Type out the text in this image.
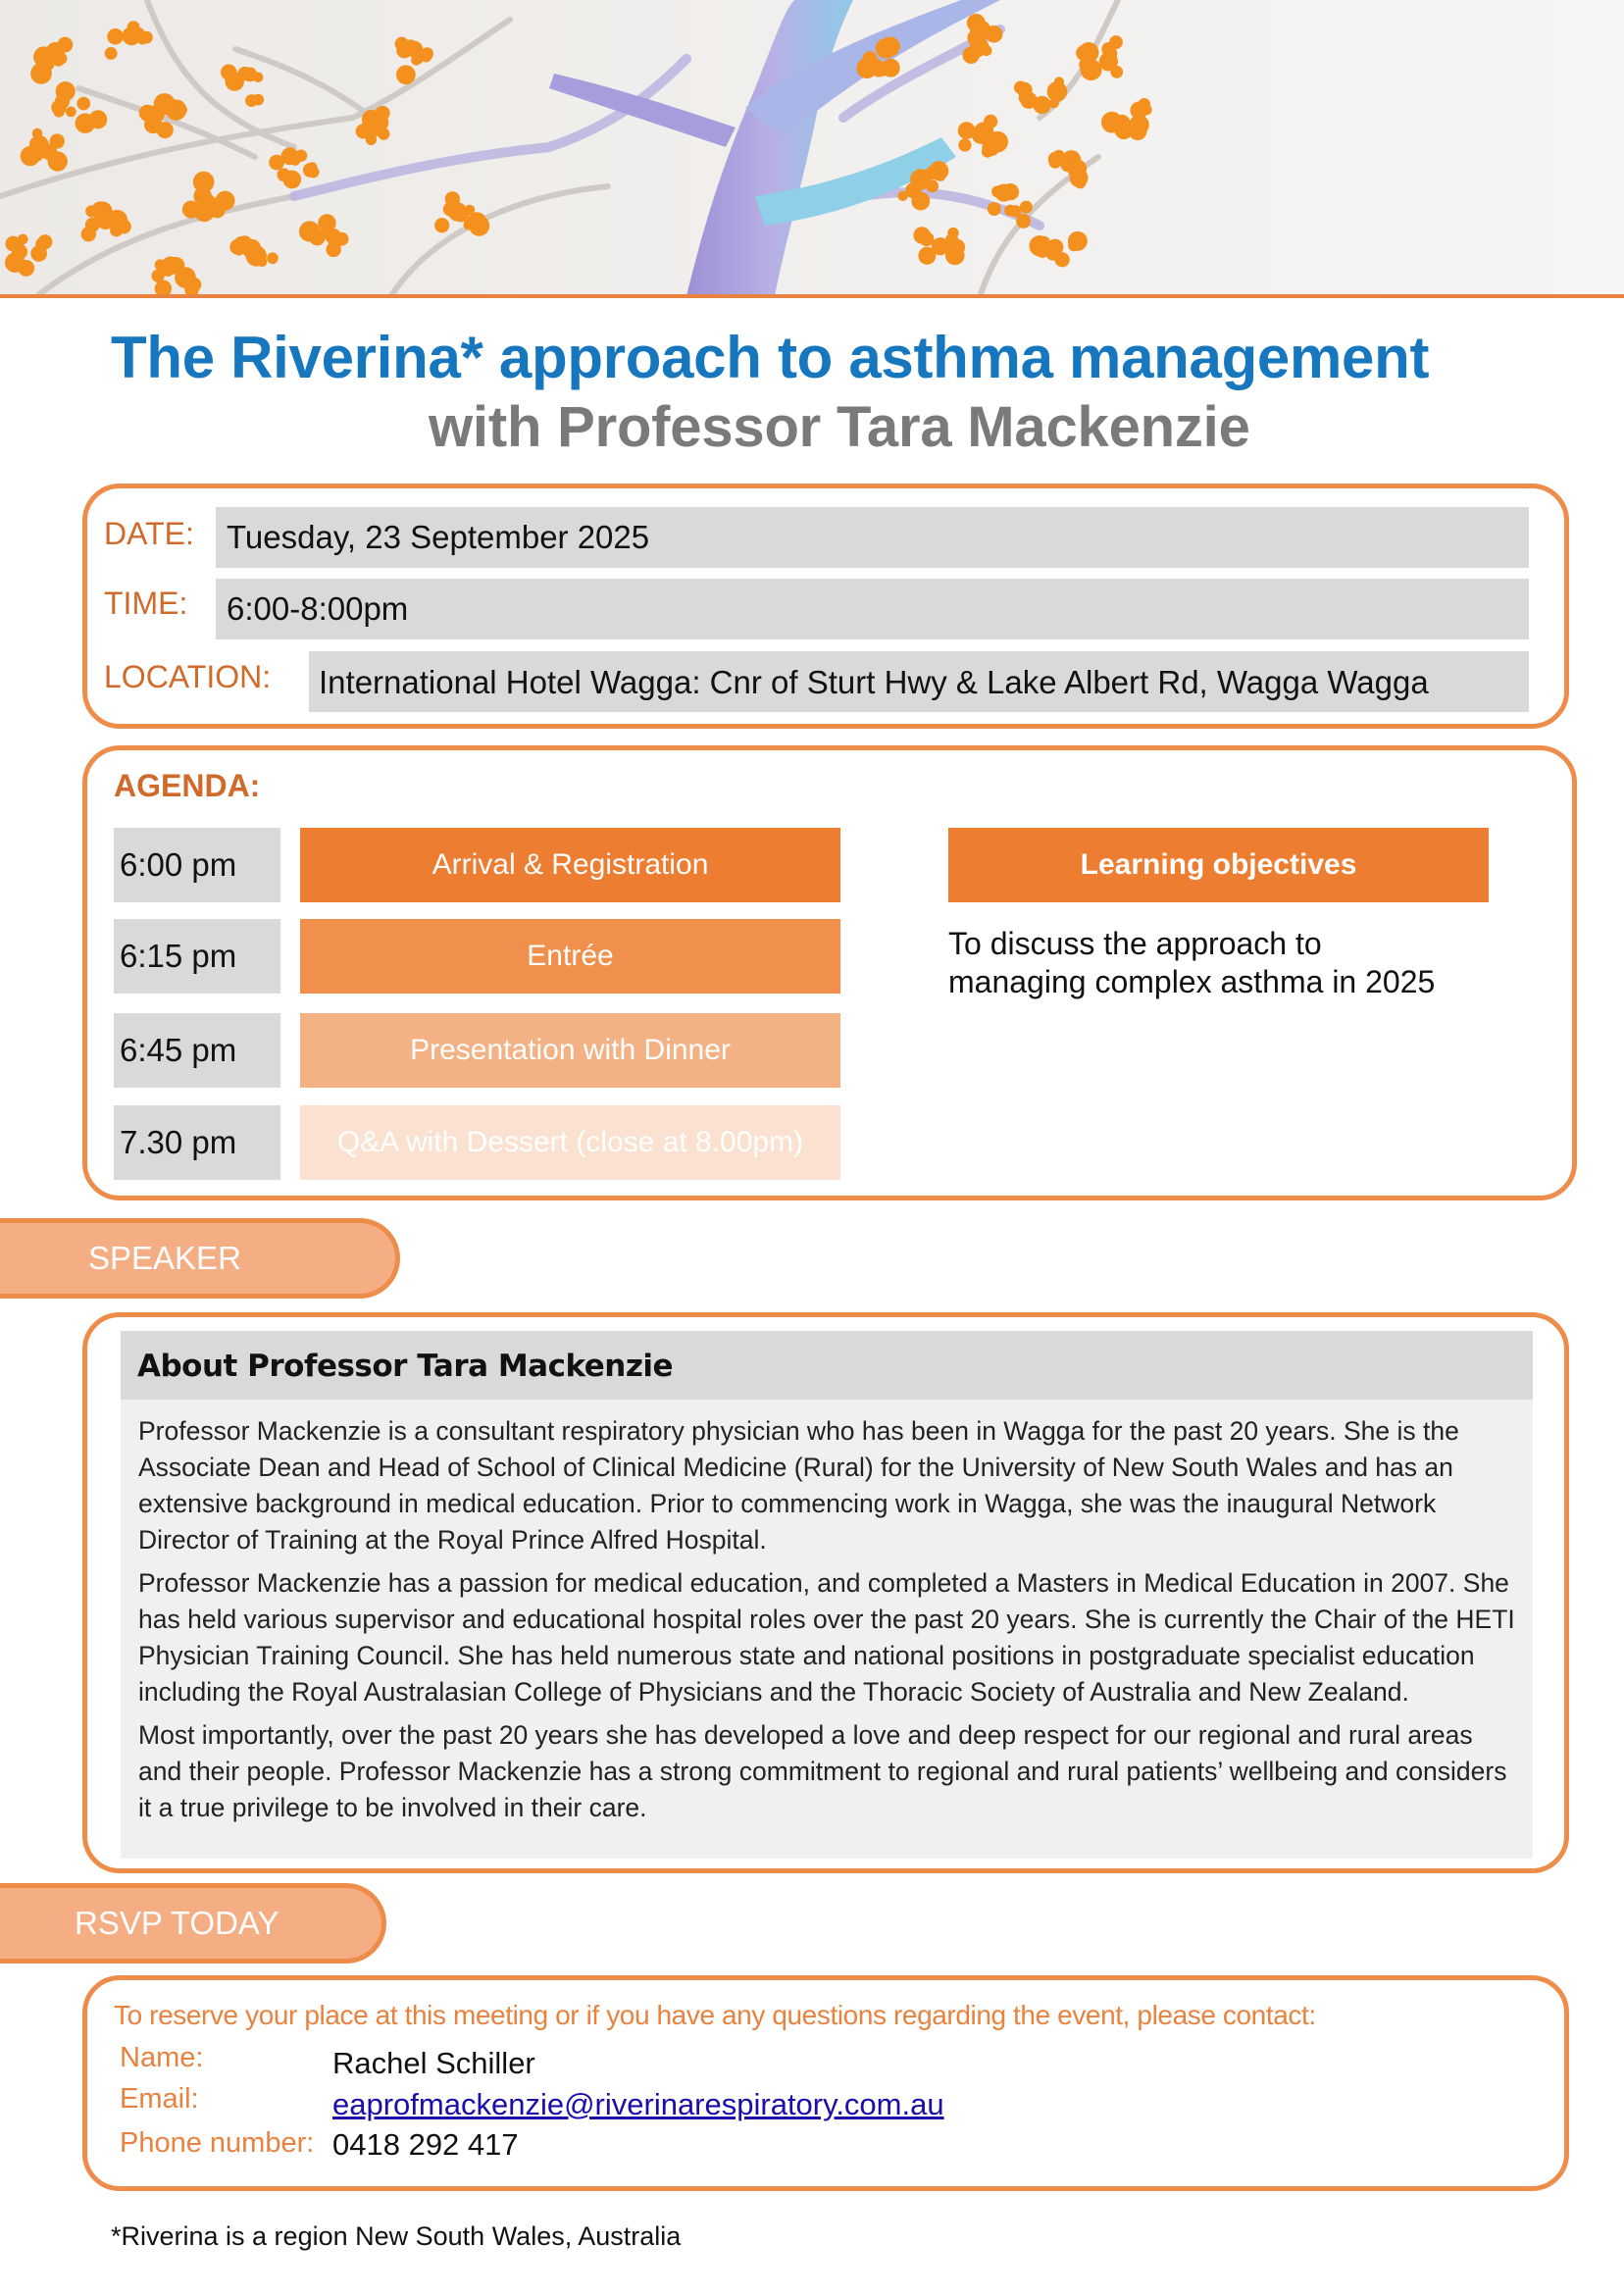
The Riverina* approach to asthma management
with Professor Tara Mackenzie
DATE: Tuesday, 23 September 2025
TIME: 6:00-8:00pm
LOCATION: International Hotel Wagga: Cnr of Sturt Hwy & Lake Albert Rd, Wagga Wagga
AGENDA:
6:00 pm	Arrival & Registration
6:15 pm	Entrée
6:45 pm	Presentation with Dinner
7.30 pm	Q&A with Dessert (close at 8.00pm)
Learning objectives
To discuss the approach to
managing complex asthma in 2025
SPEAKER
About Professor Tara Mackenzie

Professor Mackenzie is a consultant respiratory physician who has been in Wagga for the past 20 years. She is the Associate Dean and Head of School of Clinical Medicine (Rural) for the University of New South Wales and has an extensive background in medical education. Prior to commencing work in Wagga, she was the inaugural Network Director of Training at the Royal Prince Alfred Hospital.

Professor Mackenzie has a passion for medical education, and completed a Masters in Medical Education in 2007. She has held various supervisor and educational hospital roles over the past 20 years. She is currently the Chair of the HETI Physician Training Council. She has held numerous state and national positions in postgraduate specialist education including the Royal Australasian College of Physicians and the Thoracic Society of Australia and New Zealand.

Most importantly, over the past 20 years she has developed a love and deep respect for our regional and rural areas and their people. Professor Mackenzie has a strong commitment to regional and rural patients’ wellbeing and considers it a true privilege to be involved in their care.

RSVP TODAY
To reserve your place at this meeting or if you have any questions regarding the event, please contact:
Name:	Rachel Schiller
Email:	eaprofmackenzie@riverinarespiratory.com.au
Phone number: 0418 292 417
*Riverina is a region New South Wales, Australia
